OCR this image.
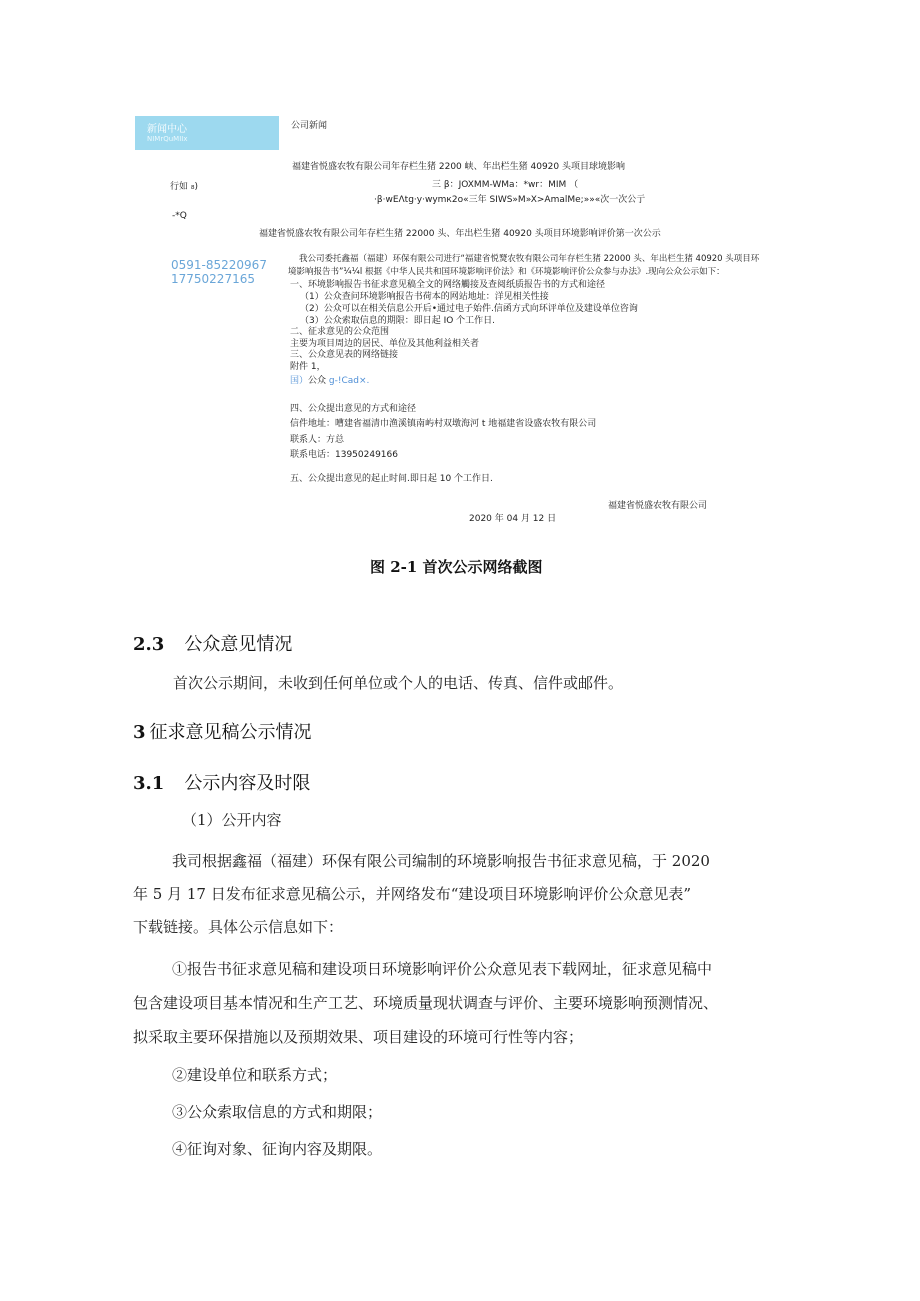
新闻中心
NIMrQuMIIx
公司新闻
福建省悦盛农牧有限公司年存栏生猪 2200 峡、年出栏生猪 40920 头项目球境影响
行如 ₈)	三 β：JOXMM-WMa：*wr：MIM （
·β·wEΛtg·y·wymк2o«三年 SIWS»M»X>AmalMe;»»«次一次公亍
-*Q
福建省悦盛农牧有限公司年存栏生猪 22000 头、年出栏生猪 40920 头项目环境影响评价第一次公示
0591-85220967
17750227165
我公司委托鑫福（福建）环保有限公司进行“福建省悦燹农牧有限公司年存栏生猪 22000 头、年出栏生猪 40920 头项目环
境影响报告书”¼¼l 根据《中华人民共和国环境影响评价法》和《环境影响评价公众参与办法》.现向公众公示如下：
一、环境影响报告书征求意见稿全文的网络觸接及查阅纸质报告书的方式和途径
（1）公众查问环境影响报告书荷本的网站地址：洋见相关性接
（2）公众可以在相关信息公开后•通过电子始件.信函方式向环评单位及建设单位咨询
（3）公众索取信息的期限：即日起 IO 个工作日.
二、征求意见的公众范围
主要为项目周边的居民、单位及其他利益相关者
三、公众意见表的网络链接
附件 1，
国）公众 g-!Cad×.
四、公众提出意见的方式和途径
信件地址：嘈建省福清巾渔溪镇南屿村双墩海河 t 地福建省设盛农牧有限公司
联系人：方总
联系电话：13950249166
五、公众提出意见的起止时间.即日起 10 个工作日.
福建省悦盛农牧有限公司
2020 年 04 月 12 日
图 2-1 首次公示网络截图
2.3 公众意见情况
首次公示期间，未收到任何单位或个人的电话、传真、信件或邮件。
3 征求意见稿公示情况
3.1 公示内容及时限
（1）公开内容
我司根据鑫福（福建）环保有限公司编制的环境影响报告书征求意见稿，于 2020
年 5 月 17 日发布征求意见稿公示，并网络发布“建设项目环境影响评价公众意见表”
下载链接。具体公示信息如下：
①报告书征求意见稿和建设项日环境影响评价公众意见表下载网址，征求意见稿中
包含建设项目基本情况和生产工艺、环境质量现状调查与评价、主要环境影响预测情况、
拟采取主要环保措施以及预期效果、项目建设的环境可行性等内容；
②建设单位和联系方式；
③公众索取信息的方式和期限；
④征询对象、征询内容及期限。
